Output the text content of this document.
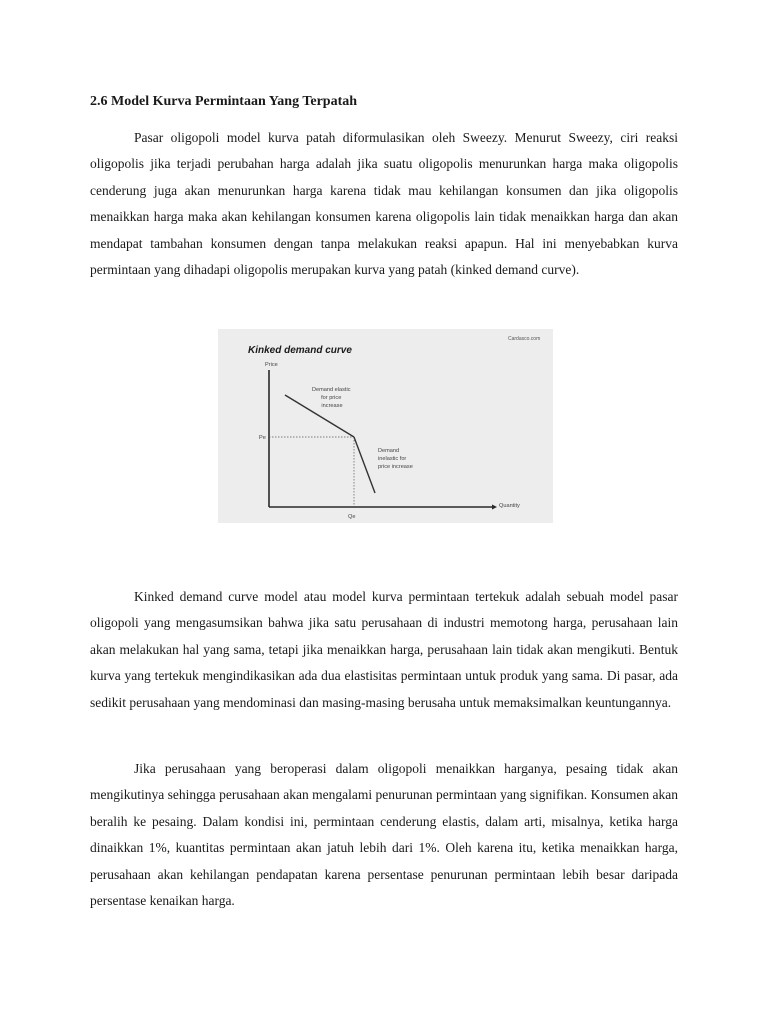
2.6 Model Kurva Permintaan Yang Terpatah

Pasar oligopoli model kurva patah diformulasikan oleh Sweezy. Menurut Sweezy, ciri reaksi oligopolis jika terjadi perubahan harga adalah jika suatu oligopolis menurunkan harga maka oligopolis cenderung juga akan menurunkan harga karena tidak mau kehilangan konsumen dan jika oligopolis menaikkan harga maka akan kehilangan konsumen karena oligopolis lain tidak menaikkan harga dan akan mendapat tambahan konsumen dengan tanpa melakukan reaksi apapun. Hal ini menyebabkan kurva permintaan yang dihadapi oligopolis merupakan kurva yang patah (kinked demand curve).

Kinked demand curve
Cardasco.com
Price
Quantity
Pe
Qe
Demand elastic for price increase
Demand inelastic for price increase

Kinked demand curve model atau model kurva permintaan tertekuk adalah sebuah model pasar oligopoli yang mengasumsikan bahwa jika satu perusahaan di industri memotong harga, perusahaan lain akan melakukan hal yang sama, tetapi jika menaikkan harga, perusahaan lain tidak akan mengikuti. Bentuk kurva yang tertekuk mengindikasikan ada dua elastisitas permintaan untuk produk yang sama. Di pasar, ada sedikit perusahaan yang mendominasi dan masing-masing berusaha untuk memaksimalkan keuntungannya.

Jika perusahaan yang beroperasi dalam oligopoli menaikkan harganya, pesaing tidak akan mengikutinya sehingga perusahaan akan mengalami penurunan permintaan yang signifikan. Konsumen akan beralih ke pesaing. Dalam kondisi ini, permintaan cenderung elastis, dalam arti, misalnya, ketika harga dinaikkan 1%, kuantitas permintaan akan jatuh lebih dari 1%. Oleh karena itu, ketika menaikkan harga, perusahaan akan kehilangan pendapatan karena persentase penurunan permintaan lebih besar daripada persentase kenaikan harga.
